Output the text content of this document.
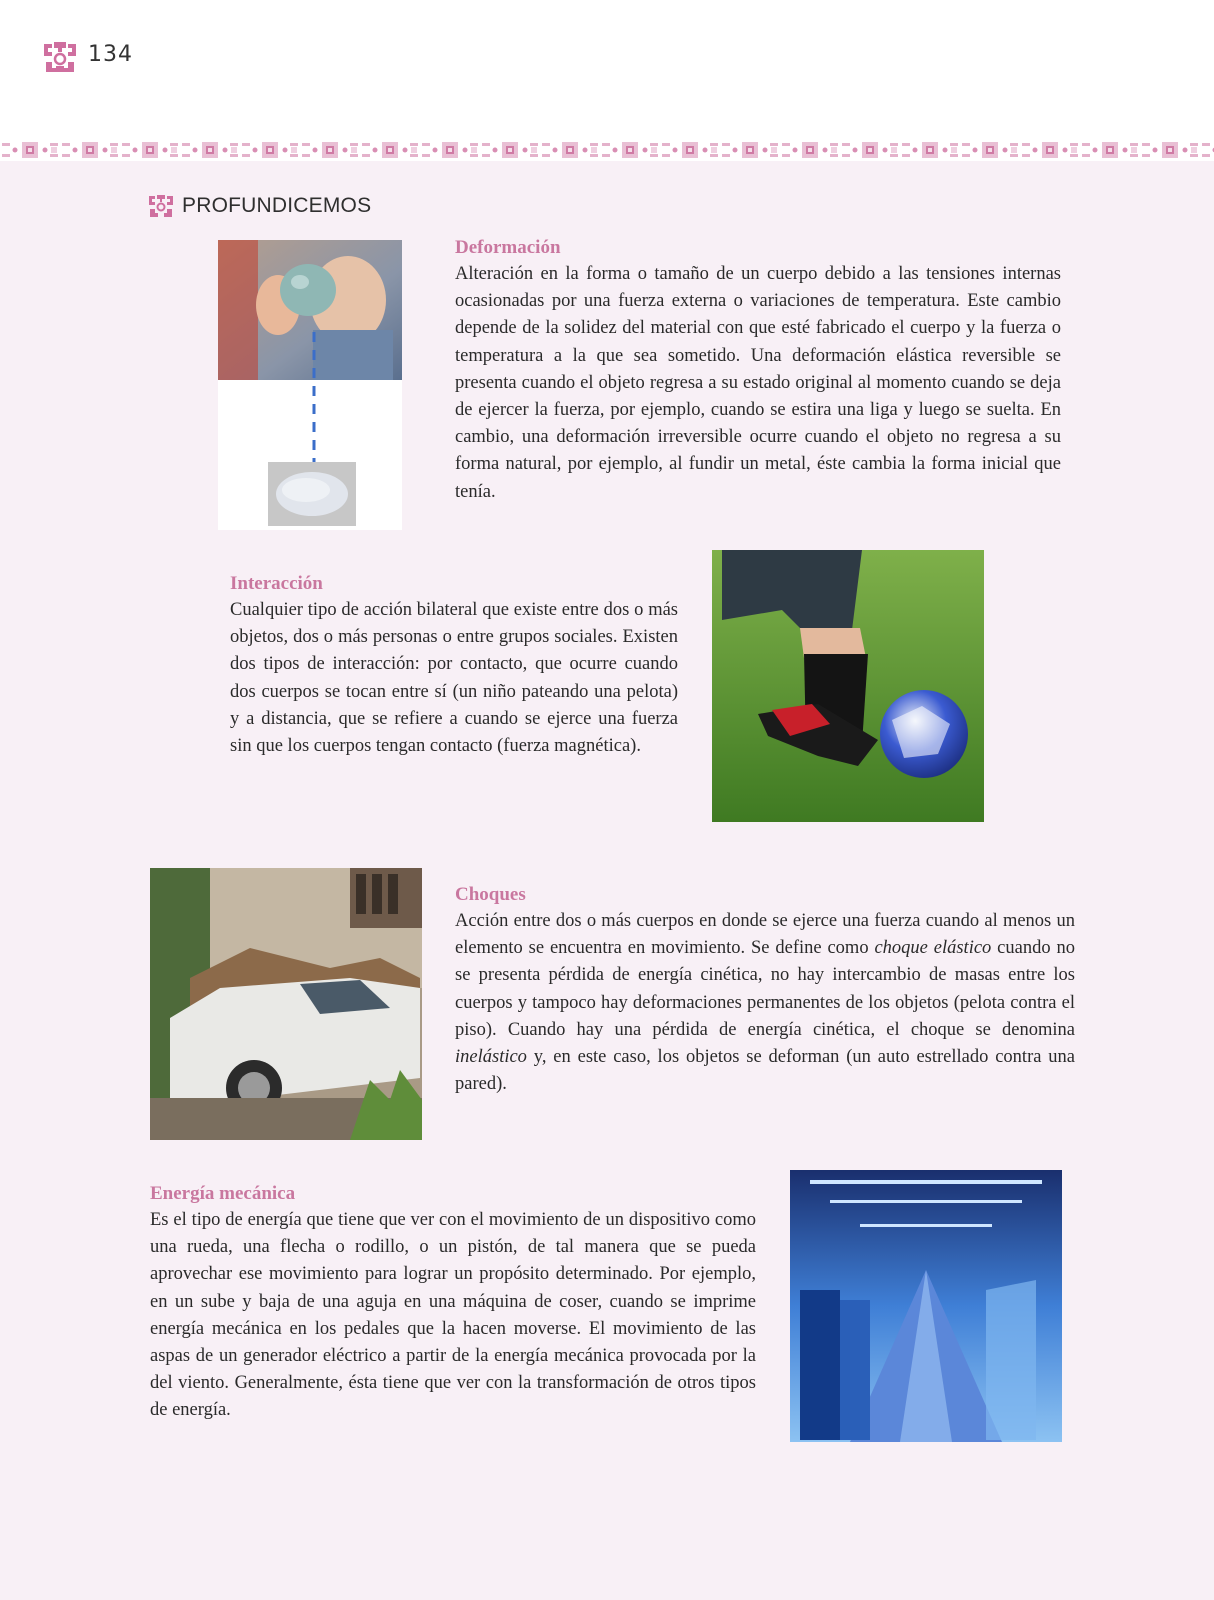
134
PROFUNDICEMOS
Deformación

Alteración en la forma o tamaño de un cuerpo debido a las tensiones internas ocasionadas por una fuerza externa o variaciones de temperatura. Este cambio depende de la solidez del material con que esté fabricado el cuerpo y la fuerza o temperatura a la que sea sometido. Una deformación elástica reversible se presenta cuando el objeto regresa a su estado original al momento cuando se deja de ejercer la fuerza, por ejemplo, cuando se estira una liga y luego se suelta. En cambio, una deformación irreversible ocurre cuando el objeto no regresa a su forma natural, por ejemplo, al fundir un metal, éste cambia la forma inicial que tenía.

Interacción

Cualquier tipo de acción bilateral que existe entre dos o más objetos, dos o más personas o entre grupos sociales. Existen dos tipos de interacción: por contacto, que ocurre cuando dos cuerpos se tocan entre sí (un niño pateando una pelota) y a distancia, que se refiere a cuando se ejerce una fuerza sin que los cuerpos tengan contacto (fuerza magnética).

Choques

Acción entre dos o más cuerpos en donde se ejerce una fuerza cuando al menos un elemento se encuentra en movimiento. Se define como choque elástico cuando no se presenta pérdida de energía cinética, no hay intercambio de masas entre los cuerpos y tampoco hay deformaciones permanentes de los objetos (pelota contra el piso). Cuando hay una pérdida de energía cinética, el choque se denomina inelástico y, en este caso, los objetos se deforman (un auto estrellado contra una pared).

Energía mecánica

Es el tipo de energía que tiene que ver con el movimiento de un dispositivo como una rueda, una flecha o rodillo, o un pistón, de tal manera que se pueda aprovechar ese movimiento para lograr un propósito determinado. Por ejemplo, en un sube y baja de una aguja en una máquina de coser, cuando se imprime energía mecánica en los pedales que la hacen moverse. El movimiento de las aspas de un generador eléctrico a partir de la energía mecánica provocada por la del viento. Generalmente, ésta tiene que ver con la transformación de otros tipos de energía.
